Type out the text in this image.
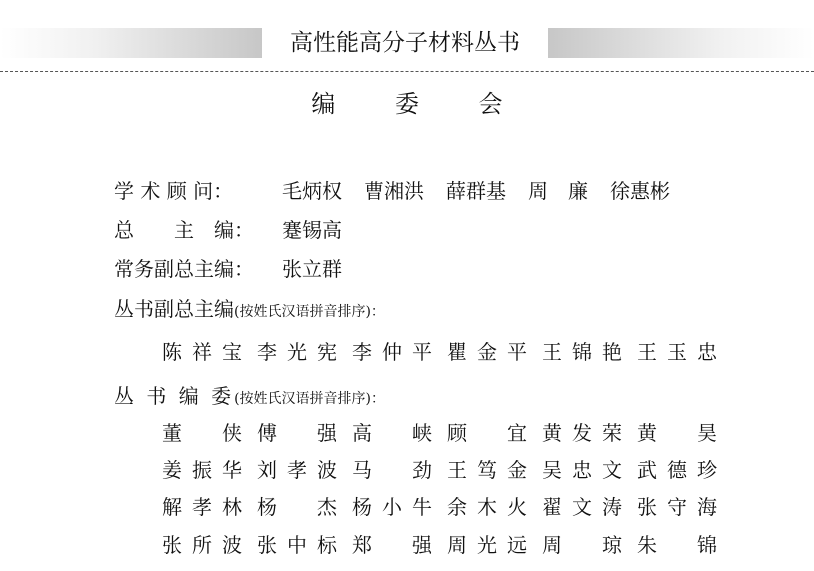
高性能高分子材料丛书
编 委 会
学 术 顾 问： 毛炳权 曹湘洪 薛群基 周　廉 徐惠彬
总　　主　编： 蹇锡高
常务副总主编： 张立群
丛书副总主编(按姓氏汉语拼音排序)：
陈祥宝 李光宪 李仲平 瞿金平 王锦艳 王玉忠
丛 书 编 委(按姓氏汉语拼音排序)：
董　侠 傅　强 高　峡 顾　宜 黄发荣 黄　昊
姜振华 刘孝波 马　劲 王笃金 吴忠文 武德珍
解孝林 杨　杰 杨小牛 余木火 翟文涛 张守海
张所波 张中标 郑　强 周光远 周　琼 朱　锦
